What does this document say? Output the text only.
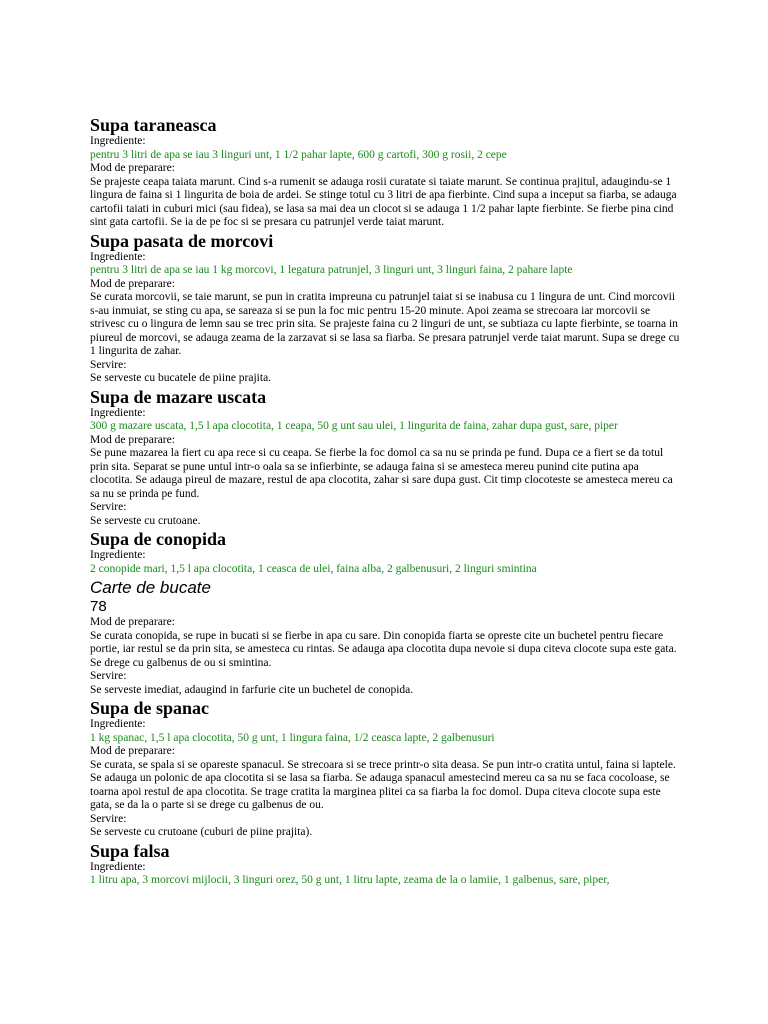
Supa taraneasca

Ingrediente:

pentru 3 litri de apa se iau 3 linguri unt, 1 1/2 pahar lapte, 600 g cartofi, 300 g rosii, 2 cepe

Mod de preparare:

Se prajeste ceapa taiata marunt. Cind s-a rumenit se adauga rosii curatate si taiate marunt. Se continua prajitul, adaugindu-se 1 lingura de faina si 1 lingurita de boia de ardei. Se stinge totul cu 3 litri de apa fierbinte. Cind supa a inceput sa fiarba, se adauga cartofii taiati in cuburi mici (sau fidea), se lasa sa mai dea un clocot si se adauga 1 1/2 pahar lapte fierbinte. Se fierbe pina cind sint gata cartofii. Se ia de pe foc si se presara cu patrunjel verde taiat marunt.

Supa pasata de morcovi

Ingrediente:

pentru 3 litri de apa se iau 1 kg morcovi, 1 legatura patrunjel, 3 linguri unt, 3 linguri faina, 2 pahare lapte

Mod de preparare:

Se curata morcovii, se taie marunt, se pun in cratita impreuna cu patrunjel taiat si se inabusa cu 1 lingura de unt. Cind morcovii s-au inmuiat, se sting cu apa, se sareaza si se pun la foc mic pentru 15-20 minute. Apoi zeama se strecoara iar morcovii se strivesc cu o lingura de lemn sau se trec prin sita. Se prajeste faina cu 2 linguri de unt, se subtiaza cu lapte fierbinte, se toarna in piureul de morcovi, se adauga zeama de la zarzavat si se lasa sa fiarba. Se presara patrunjel verde taiat marunt. Supa se drege cu 1 lingurita de zahar.

Servire:

Se serveste cu bucatele de piine prajita.

Supa de mazare uscata

Ingrediente:

300 g mazare uscata, 1,5 l apa clocotita, 1 ceapa, 50 g unt sau ulei, 1 lingurita de faina, zahar dupa gust, sare, piper

Mod de preparare:

Se pune mazarea la fiert cu apa rece si cu ceapa. Se fierbe la foc domol ca sa nu se prinda pe fund. Dupa ce a fiert se da totul prin sita. Separat se pune untul intr-o oala sa se infierbinte, se adauga faina si se amesteca mereu punind cite putina apa clocotita. Se adauga pireul de mazare, restul de apa clocotita, zahar si sare dupa gust. Cit timp clocoteste se amesteca mereu ca sa nu se prinda pe fund.

Servire:

Se serveste cu crutoane.

Supa de conopida

Ingrediente:

2 conopide mari, 1,5 l apa clocotita, 1 ceasca de ulei, faina alba, 2 galbenusuri, 2 linguri smintina

Carte de bucate

78

Mod de preparare:

Se curata conopida, se rupe in bucati si se fierbe in apa cu sare. Din conopida fiarta se opreste cite un buchetel pentru fiecare portie, iar restul se da prin sita, se amesteca cu rintas. Se adauga apa clocotita dupa nevoie si dupa citeva clocote supa este gata. Se drege cu galbenus de ou si smintina.

Servire:

Se serveste imediat, adaugind in farfurie cite un buchetel de conopida.

Supa de spanac

Ingrediente:

1 kg spanac, 1,5 l apa clocotita, 50 g unt, 1 lingura faina, 1/2 ceasca lapte, 2 galbenusuri

Mod de preparare:

Se curata, se spala si se opareste spanacul. Se strecoara si se trece printr-o sita deasa. Se pun intr-o cratita untul, faina si laptele. Se adauga un polonic de apa clocotita si se lasa sa fiarba. Se adauga spanacul amestecind mereu ca sa nu se faca cocoloase, se toarna apoi restul de apa clocotita. Se trage cratita la marginea plitei ca sa fiarba la foc domol. Dupa citeva clocote supa este gata, se da la o parte si se drege cu galbenus de ou.

Servire:

Se serveste cu crutoane (cuburi de piine prajita).

Supa falsa

Ingrediente:

1 litru apa, 3 morcovi mijlocii, 3 linguri orez, 50 g unt, 1 litru lapte, zeama de la o lamiie, 1 galbenus, sare, piper,
